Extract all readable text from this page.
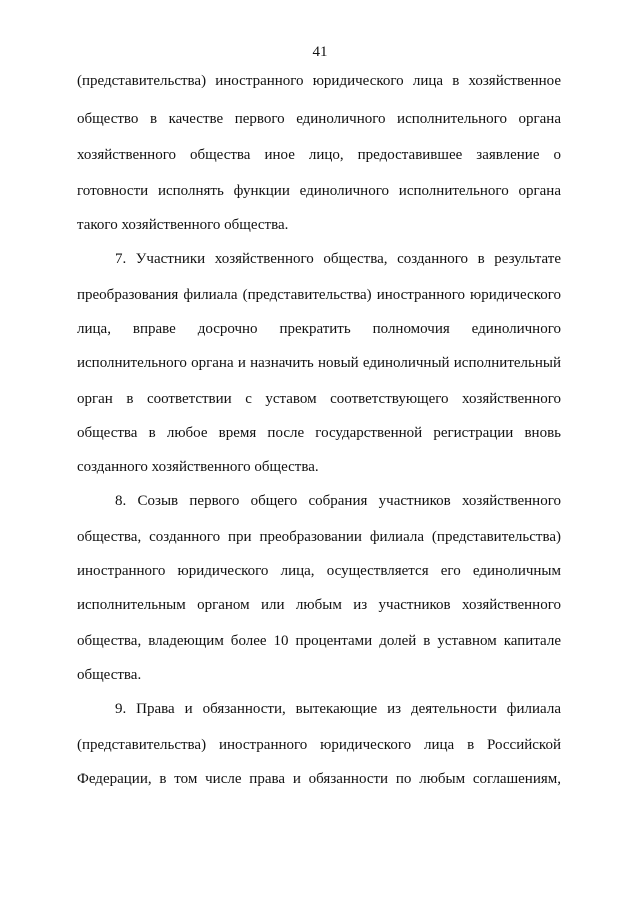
41
(представительства) иностранного юридического лица в хозяйственное
общество в качестве первого единоличного исполнительного органа
хозяйственного общества иное лицо, предоставившее заявление о
готовности исполнять функции единоличного исполнительного органа
такого хозяйственного общества.
7. Участники хозяйственного общества, созданного в результате
преобразования филиала (представительства) иностранного юридического
лица, вправе досрочно прекратить полномочия единоличного
исполнительного органа и назначить новый единоличный исполнительный
орган в соответствии с уставом соответствующего хозяйственного
общества в любое время после государственной регистрации вновь
созданного хозяйственного общества.
8. Созыв первого общего собрания участников хозяйственного
общества, созданного при преобразовании филиала (представительства)
иностранного юридического лица, осуществляется его единоличным
исполнительным органом или любым из участников хозяйственного
общества, владеющим более 10 процентами долей в уставном капитале
общества.
9. Права и обязанности, вытекающие из деятельности филиала
(представительства) иностранного юридического лица в Российской
Федерации, в том числе права и обязанности по любым соглашениям,
